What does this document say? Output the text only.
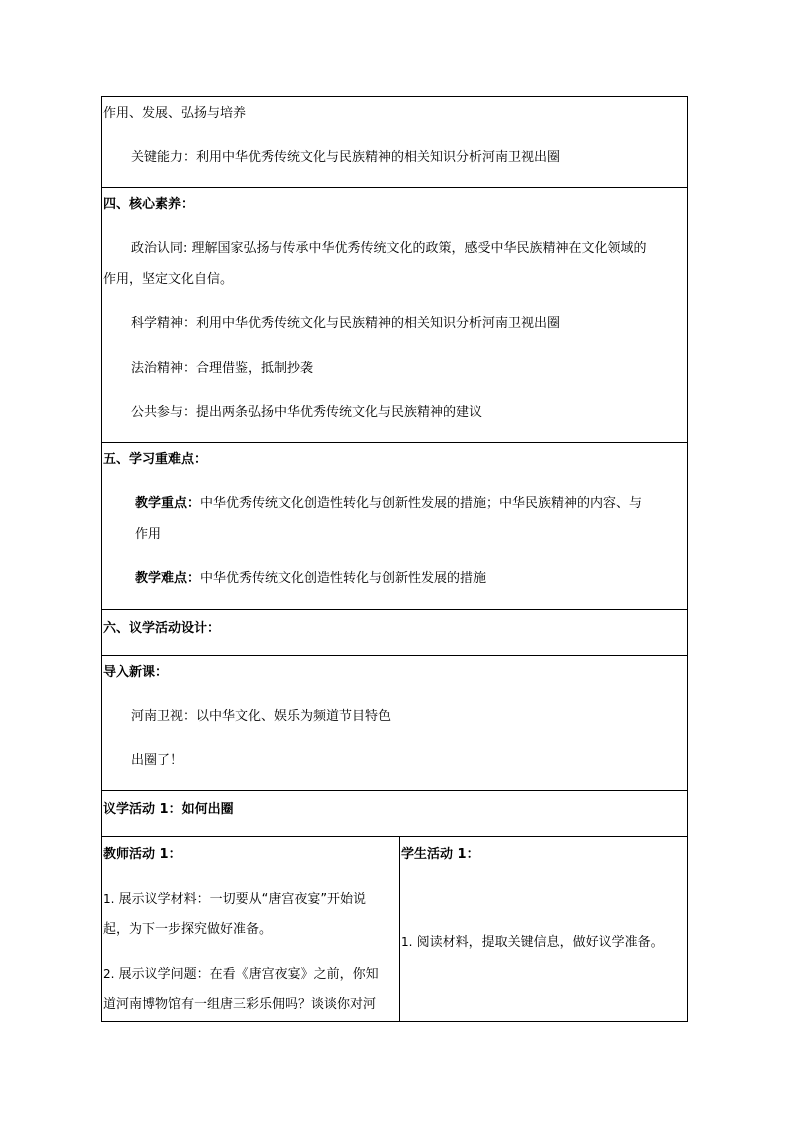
作用、发展、弘扬与培养
关键能力：利用中华优秀传统文化与民族精神的相关知识分析河南卫视出圈
四、核心素养：
政治认同: 理解国家弘扬与传承中华优秀传统文化的政策，感受中华民族精神在文化领域的
作用，坚定文化自信。
科学精神：利用中华优秀传统文化与民族精神的相关知识分析河南卫视出圈
法治精神：合理借鉴，抵制抄袭
公共参与：提出两条弘扬中华优秀传统文化与民族精神的建议
五、学习重难点：
教学重点：中华优秀传统文化创造性转化与创新性发展的措施；中华民族精神的内容、与
作用
教学难点：中华优秀传统文化创造性转化与创新性发展的措施
六、议学活动设计：
导入新课：
河南卫视：以中华文化、娱乐为频道节目特色
出圈了！
议学活动 1：如何出圈
教师活动 1：
1. 展示议学材料：一切要从“唐宫夜宴”开始说
起，为下一步探究做好准备。
2. 展示议学问题：在看《唐宫夜宴》之前，你知
道河南博物馆有一组唐三彩乐佣吗？谈谈你对河
学生活动 1：
1. 阅读材料，提取关键信息，做好议学准备。
